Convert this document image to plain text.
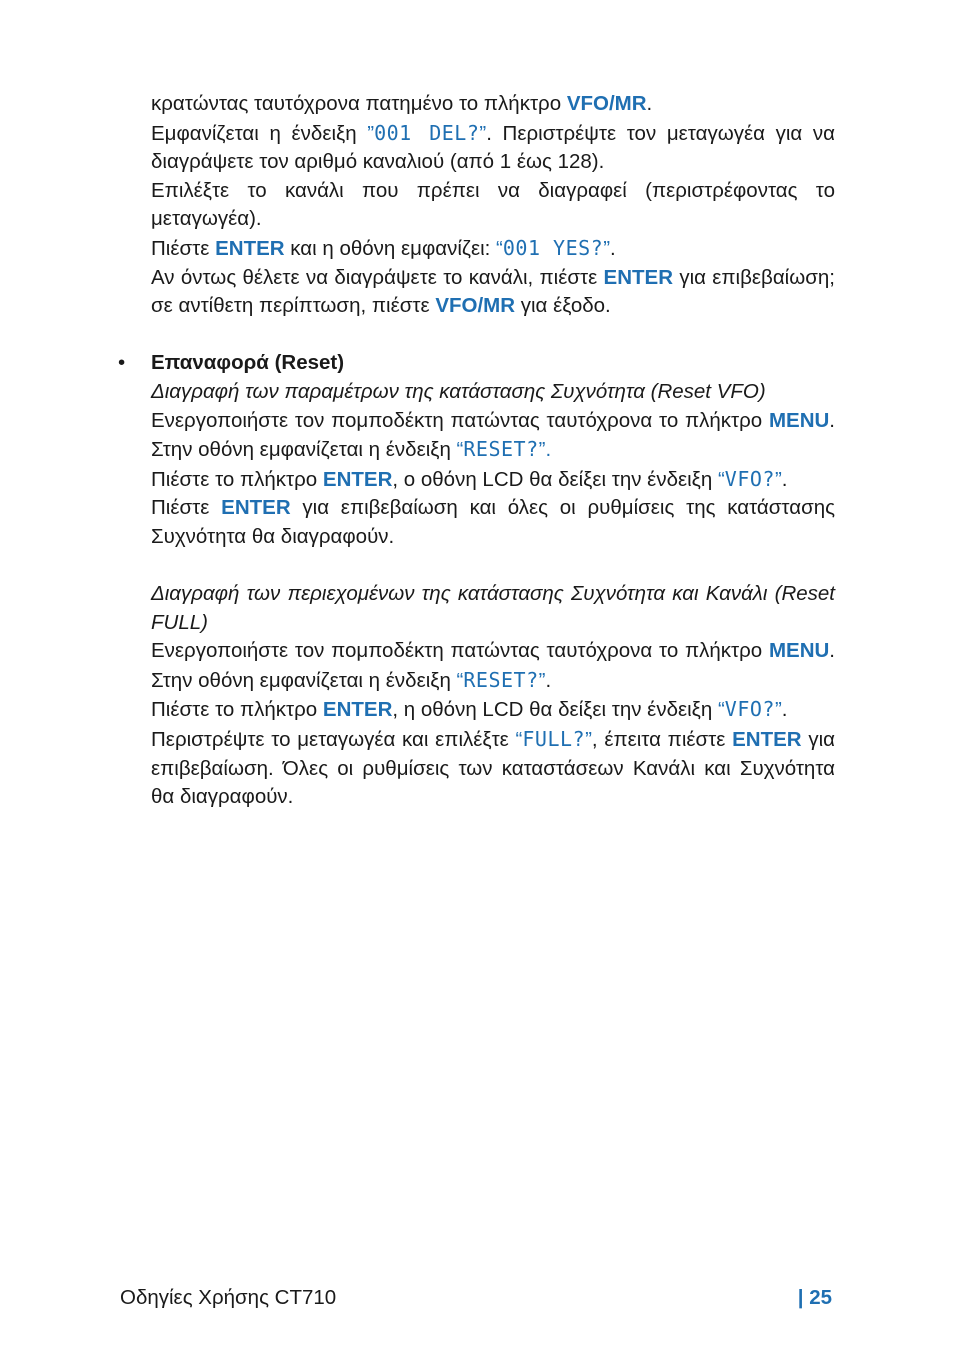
κρατώντας ταυτόχρονα πατημένο το πλήκτρο VFO/MR.

Εμφανίζεται η ένδειξη ”001 DEL?”. Περιστρέψτε τον μεταγωγέα για να διαγράψετε τον αριθμό καναλιού (από 1 έως 128).

Επιλέξτε το κανάλι που πρέπει να διαγραφεί (περιστρέφοντας το μεταγωγέα).

Πιέστε ENTER και η οθόνη εμφανίζει: “001 YES?”.

Αν όντως θέλετε να διαγράψετε το κανάλι, πιέστε ENTER για επιβεβαίωση; σε αντίθετη περίπτωση, πιέστε VFO/MR για έξοδο.

• Επαναφορά (Reset)

Διαγραφή των παραμέτρων της κατάστασης Συχνότητα (Reset VFO)

Ενεργοποιήστε τον πομποδέκτη πατώντας ταυτόχρονα το πλήκτρο MENU. Στην οθόνη εμφανίζεται η ένδειξη “RESET?”.

Πιέστε το πλήκτρο ENTER, ο οθόνη LCD θα δείξει την ένδειξη “VFO?”.

Πιέστε ENTER για επιβεβαίωση και όλες οι ρυθμίσεις της κατάστασης Συχνότητα θα διαγραφούν.

Διαγραφή των περιεχομένων της κατάστασης Συχνότητα και Κανάλι (Reset FULL)

Ενεργοποιήστε τον πομποδέκτη πατώντας ταυτόχρονα το πλήκτρο MENU. Στην οθόνη εμφανίζεται η ένδειξη “RESET?”.

Πιέστε το πλήκτρο ENTER, η οθόνη LCD θα δείξει την ένδειξη “VFO?”.

Περιστρέψτε το μεταγωγέα και επιλέξτε “FULL?”, έπειτα πιέστε ENTER για επιβεβαίωση. Όλες οι ρυθμίσεις των καταστάσεων Κανάλι και Συχνότητα θα διαγραφούν.

Οδηγίες Χρήσης CT710	| 25
